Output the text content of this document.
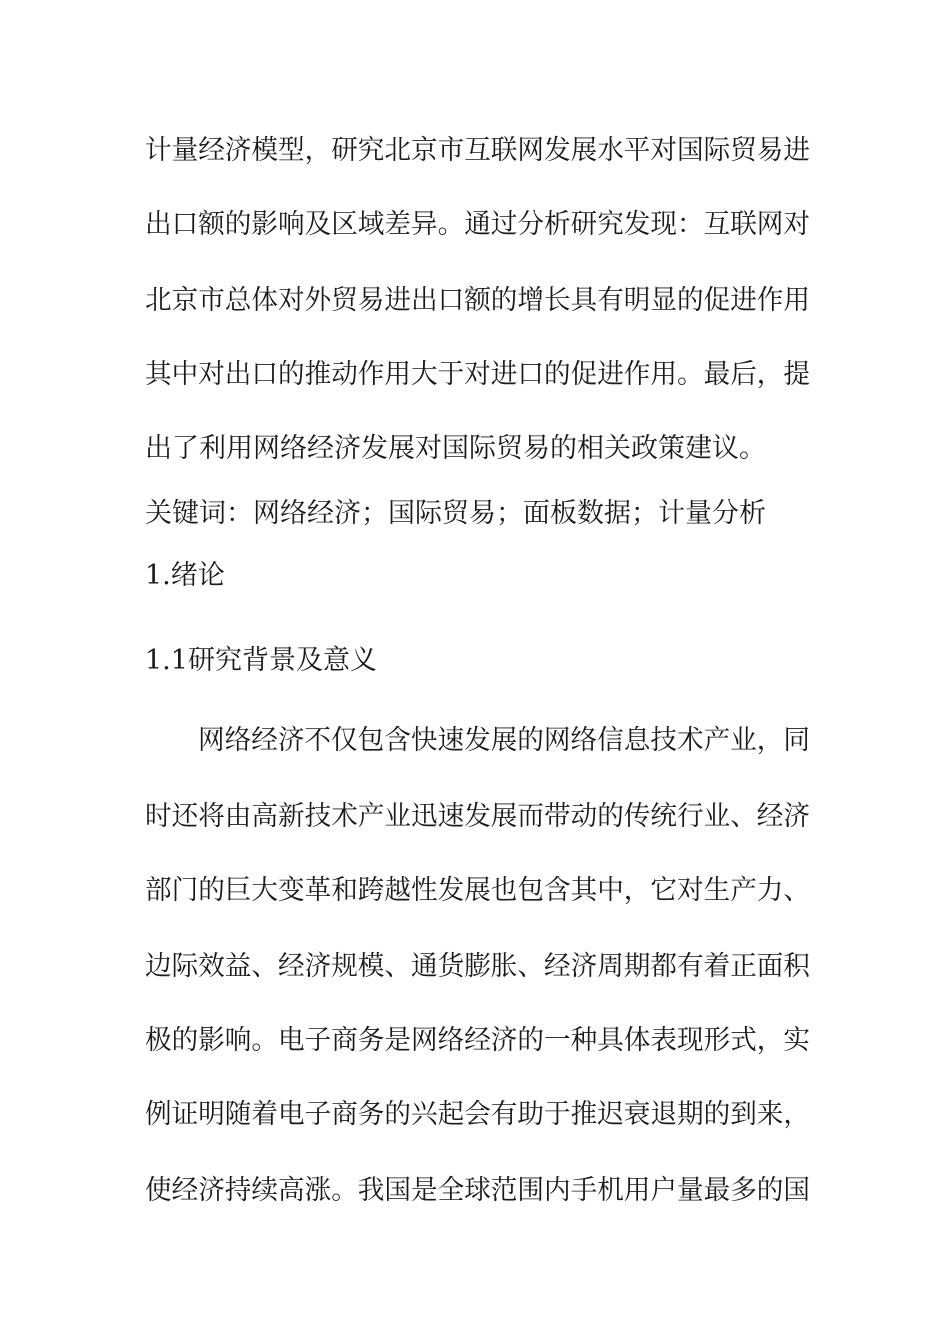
计量经济模型，研究北京市互联网发展水平对国际贸易进
出口额的影响及区域差异。通过分析研究发现：互联网对
北京市总体对外贸易进出口额的增长具有明显的促进作用
其中对出口的推动作用大于对进口的促进作用。最后，提
出了利用网络经济发展对国际贸易的相关政策建议。
关键词：网络经济；国际贸易；面板数据；计量分析
1.绪论
1.1研究背景及意义
网络经济不仅包含快速发展的网络信息技术产业，同
时还将由高新技术产业迅速发展而带动的传统行业、经济
部门的巨大变革和跨越性发展也包含其中，它对生产力、
边际效益、经济规模、通货膨胀、经济周期都有着正面积
极的影响。电子商务是网络经济的一种具体表现形式，实
例证明随着电子商务的兴起会有助于推迟衰退期的到来，
使经济持续高涨。我国是全球范围内手机用户量最多的国
